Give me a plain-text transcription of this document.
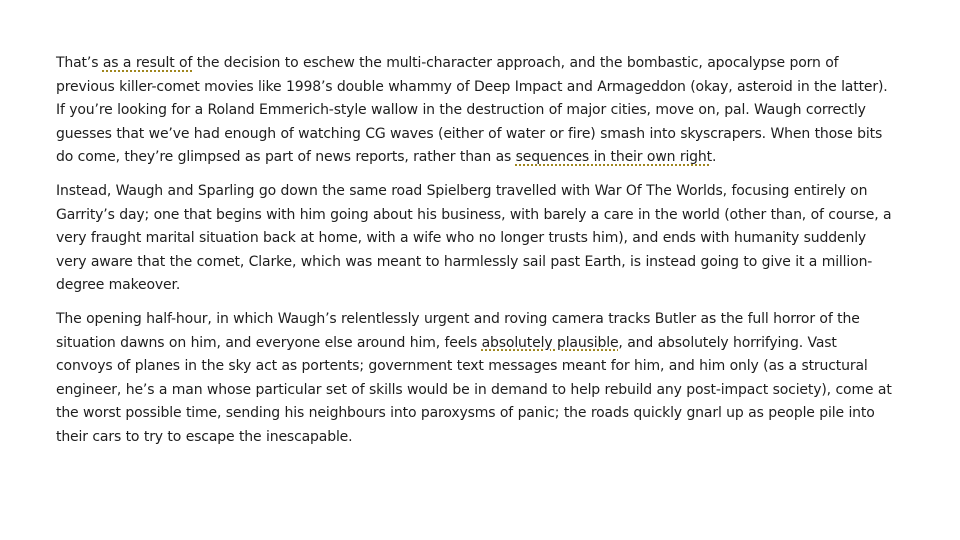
That’s as a result of the decision to eschew the multi-character approach, and the bombastic, apocalypse porn of previous killer-comet movies like 1998’s double whammy of Deep Impact and Armageddon (okay, asteroid in the latter). If you’re looking for a Roland Emmerich-style wallow in the destruction of major cities, move on, pal. Waugh correctly guesses that we’ve had enough of watching CG waves (either of water or fire) smash into skyscrapers. When those bits do come, they’re glimpsed as part of news reports, rather than as sequences in their own right.

Instead, Waugh and Sparling go down the same road Spielberg travelled with War Of The Worlds, focusing entirely on Garrity’s day; one that begins with him going about his business, with barely a care in the world (other than, of course, a very fraught marital situation back at home, with a wife who no longer trusts him), and ends with humanity suddenly very aware that the comet, Clarke, which was meant to harmlessly sail past Earth, is instead going to give it a million-degree makeover.

The opening half-hour, in which Waugh’s relentlessly urgent and roving camera tracks Butler as the full horror of the situation dawns on him, and everyone else around him, feels absolutely plausible, and absolutely horrifying. Vast convoys of planes in the sky act as portents; government text messages meant for him, and him only (as a structural engineer, he’s a man whose particular set of skills would be in demand to help rebuild any post-impact society), come at the worst possible time, sending his neighbours into paroxysms of panic; the roads quickly gnarl up as people pile into their cars to try to escape the inescapable.
